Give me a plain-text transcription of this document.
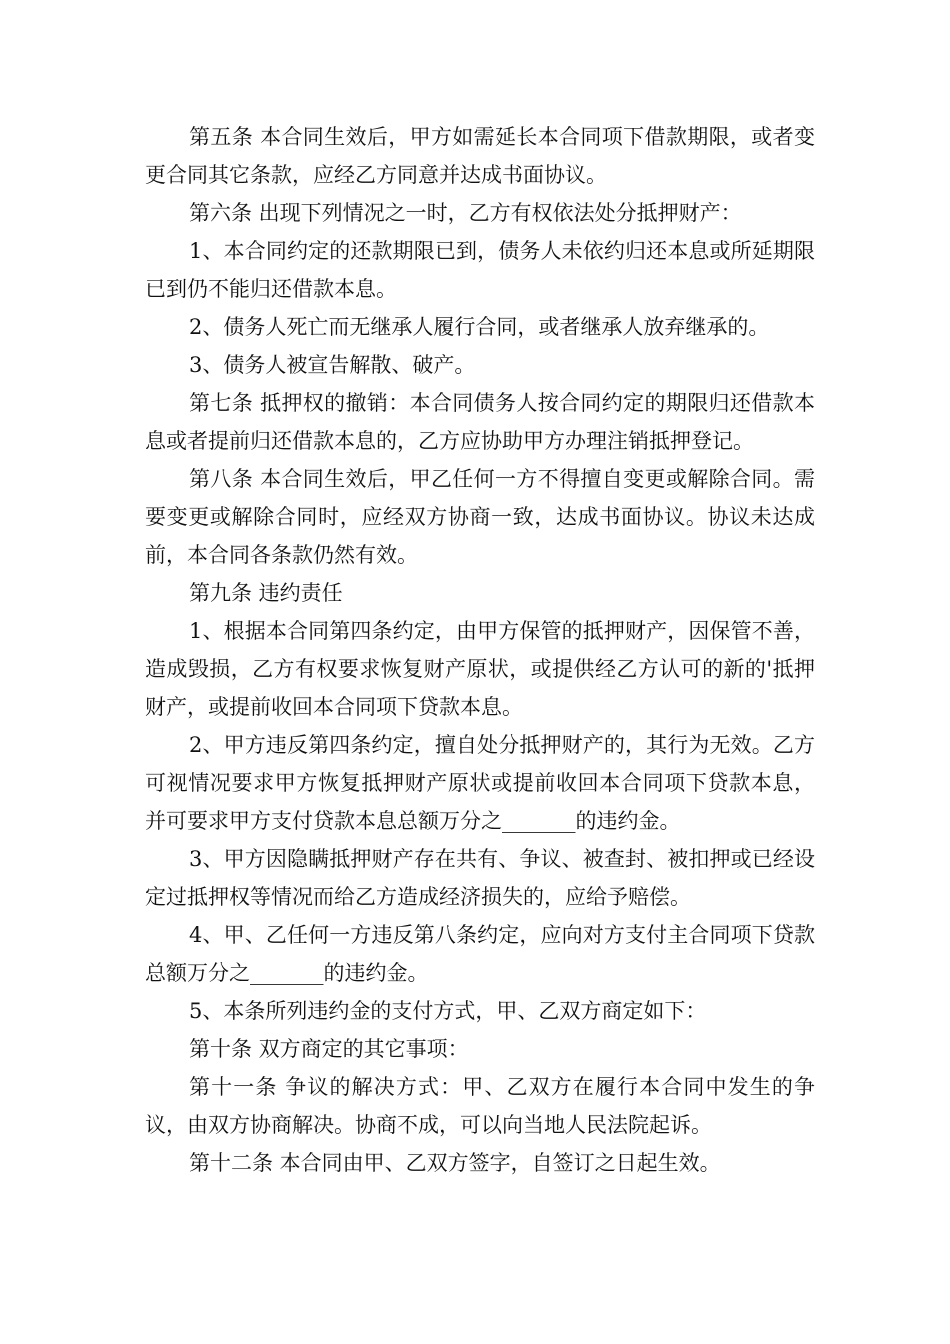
第五条 本合同生效后，甲方如需延长本合同项下借款期限，或者变更合同其它条款，应经乙方同意并达成书面协议。

第六条 出现下列情况之一时，乙方有权依法处分抵押财产：

1、本合同约定的还款期限已到，债务人未依约归还本息或所延期限已到仍不能归还借款本息。

2、债务人死亡而无继承人履行合同，或者继承人放弃继承的。

3、债务人被宣告解散、破产。

第七条 抵押权的撤销：本合同债务人按合同约定的期限归还借款本息或者提前归还借款本息的，乙方应协助甲方办理注销抵押登记。

第八条 本合同生效后，甲乙任何一方不得擅自变更或解除合同。需要变更或解除合同时，应经双方协商一致，达成书面协议。协议未达成前，本合同各条款仍然有效。

第九条 违约责任

1、根据本合同第四条约定，由甲方保管的抵押财产，因保管不善，造成毁损，乙方有权要求恢复财产原状，或提供经乙方认可的新的'抵押财产，或提前收回本合同项下贷款本息。

2、甲方违反第四条约定，擅自处分抵押财产的，其行为无效。乙方可视情况要求甲方恢复抵押财产原状或提前收回本合同项下贷款本息，并可要求甲方支付贷款本息总额万分之_______的违约金。

3、甲方因隐瞒抵押财产存在共有、争议、被查封、被扣押或已经设定过抵押权等情况而给乙方造成经济损失的，应给予赔偿。

4、甲、乙任何一方违反第八条约定，应向对方支付主合同项下贷款总额万分之_______的违约金。

5、本条所列违约金的支付方式，甲、乙双方商定如下：

第十条 双方商定的其它事项：

第十一条 争议的解决方式：甲、乙双方在履行本合同中发生的争议，由双方协商解决。协商不成，可以向当地人民法院起诉。

第十二条 本合同由甲、乙双方签字，自签订之日起生效。
